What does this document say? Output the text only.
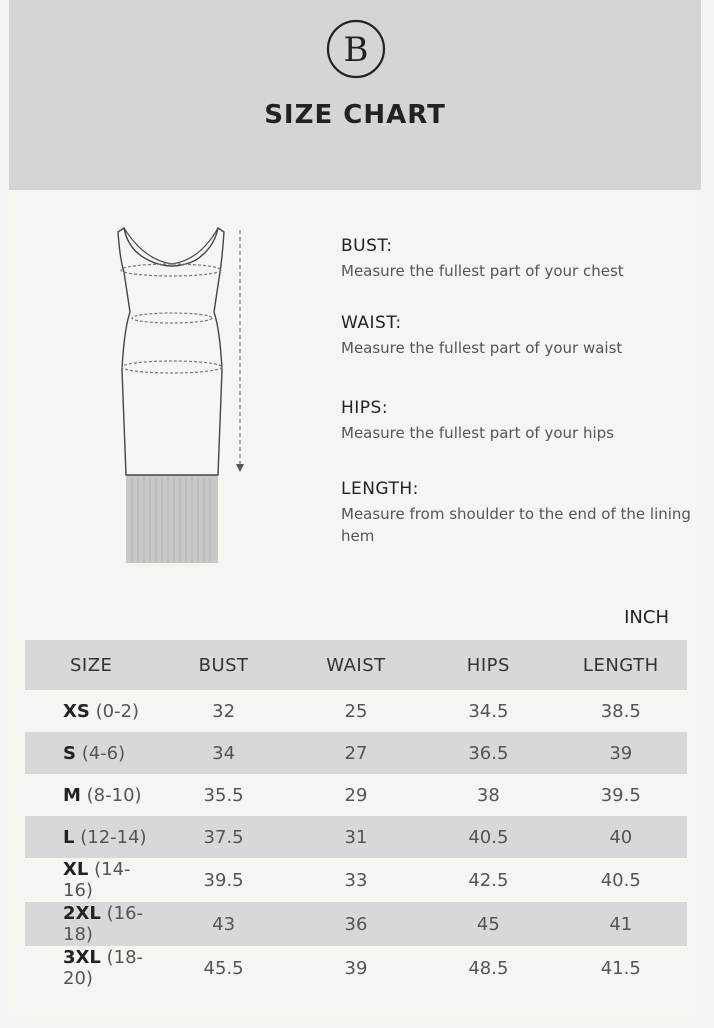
B
SIZE CHART
BUST:
Measure the fullest part of your chest
WAIST:
Measure the fullest part of your waist
HIPS:
Measure the fullest part of your hips
LENGTH:
Measure from shoulder to the end of the lining hem
INCH
SIZE	BUST	WAIST	HIPS	LENGTH
XS (0-2)	32	25	34.5	38.5
S (4-6)	34	27	36.5	39
M (8-10)	35.5	29	38	39.5
L (12-14)	37.5	31	40.5	40
XL (14-16)	39.5	33	42.5	40.5
2XL (16-18)	43	36	45	41
3XL (18-20)	45.5	39	48.5	41.5
